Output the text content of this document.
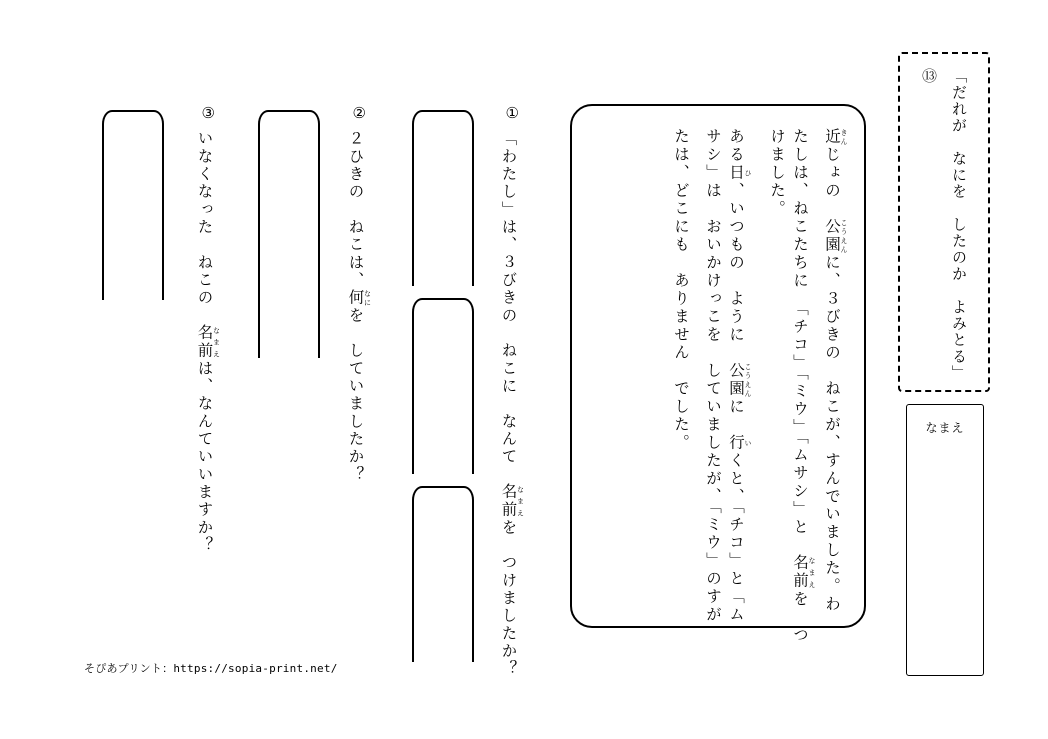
「だれが　なにを　したのか　よみとる」⑬
なまえ
近 きんじょの　公園 こうえんに、３びきの　ねこが、すんでいました。わ
たしは、ねこたちに　「チコ」「ミウ」「ムサシ」と　名前 なまえを　つ
けました。
ある日 ひ、いつもの　ように　公園 こうえんに　行 いくと、「チコ」と「ム
サシ」は　おいかけっこを　していましたが、「ミウ」のすが
たは、どこにも　ありません　でした。
①
「わたし」は、３びきの　ねこに　なんて　名前 なまえを　つけましたか？
②
２ひきの　ねこは、何 なにを　していましたか？
③
いなくなった　ねこの　名前 なまえは、なんていいますか？
そぴあプリント：https://sopia-print.net/
